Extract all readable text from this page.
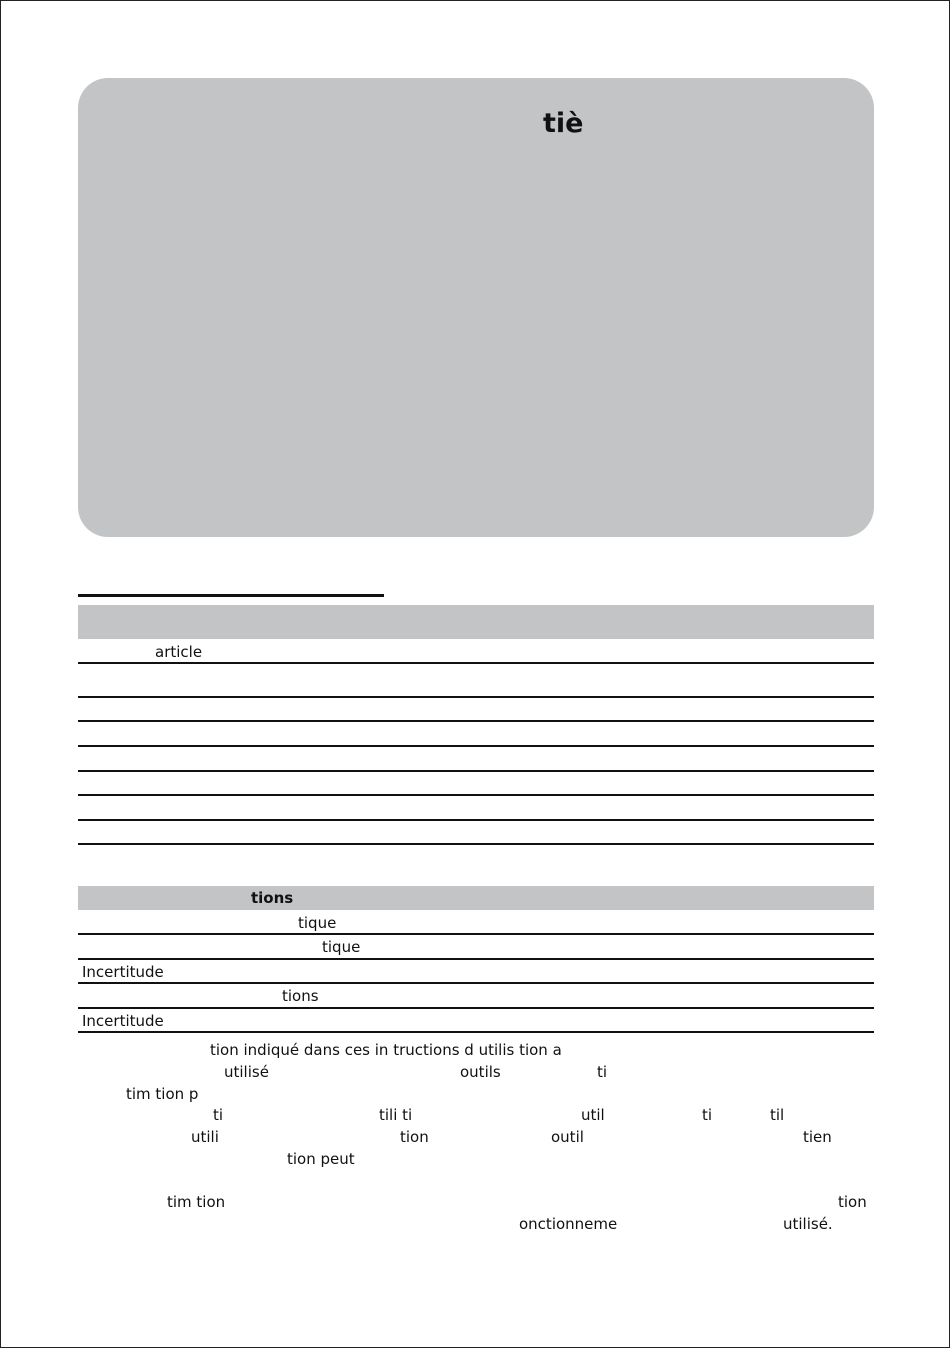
tiè
article
tions
tique
tique
Incertitude
tions
Incertitude
tion indiqué dans ces in tructions d utilis tion a
utilisé	outils	ti
tim tion p
ti	tili ti	util	ti	til
utili	tion	outil	tien
tion peut
tim tion	tion
onctionneme	utilisé.
